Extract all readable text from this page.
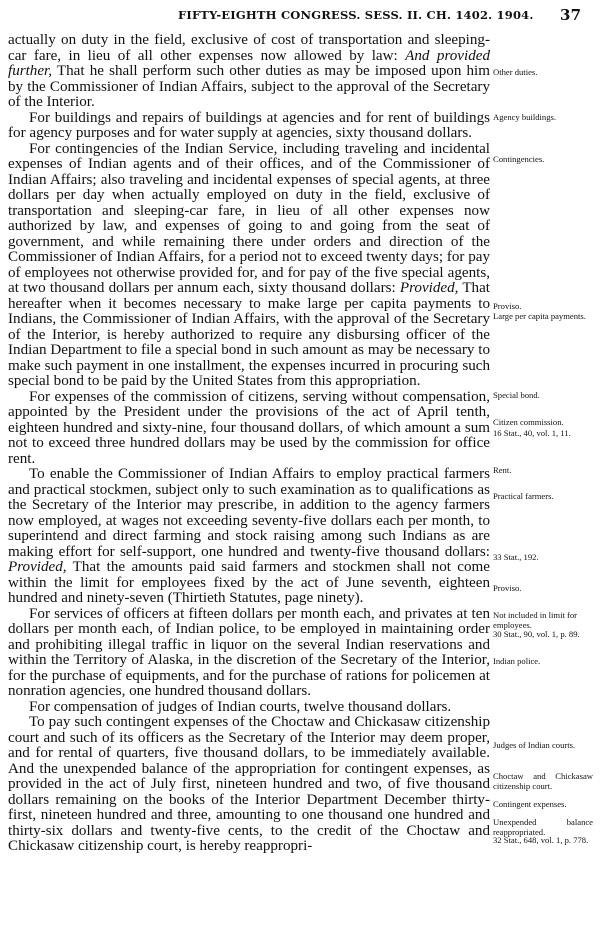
FIFTY-EIGHTH CONGRESS. SESS. II. CH. 1402. 1904. 37

actually on duty in the field, exclusive of cost of transportation and sleeping-car fare, in lieu of all other expenses now allowed by law: And provided further, That he shall perform such other duties as may be imposed upon him by the Commissioner of Indian Affairs, subject to the approval of the Secretary of the Interior.

For buildings and repairs of buildings at agencies and for rent of buildings for agency purposes and for water supply at agencies, sixty thousand dollars.

For contingencies of the Indian Service, including traveling and incidental expenses of Indian agents and of their offices, and of the Commissioner of Indian Affairs; also traveling and incidental expenses of special agents, at three dollars per day when actually employed on duty in the field, exclusive of transportation and sleeping-car fare, in lieu of all other expenses now authorized by law, and expenses of going to and going from the seat of government, and while remaining there under orders and direction of the Commissioner of Indian Affairs, for a period not to exceed twenty days; for pay of employees not otherwise provided for, and for pay of the five special agents, at two thousand dollars per annum each, sixty thousand dollars: Provided, That hereafter when it becomes necessary to make large per capita payments to Indians, the Commissioner of Indian Affairs, with the approval of the Secretary of the Interior, is hereby authorized to require any disbursing officer of the Indian Department to file a special bond in such amount as may be necessary to make such payment in one installment, the expenses incurred in procuring such special bond to be paid by the United States from this appropriation.

For expenses of the commission of citizens, serving without compensation, appointed by the President under the provisions of the act of April tenth, eighteen hundred and sixty-nine, four thousand dollars, of which amount a sum not to exceed three hundred dollars may be used by the commission for office rent.

To enable the Commissioner of Indian Affairs to employ practical farmers and practical stockmen, subject only to such examination as to qualifications as the Secretary of the Interior may prescribe, in addition to the agency farmers now employed, at wages not exceeding seventy-five dollars each per month, to superintend and direct farming and stock raising among such Indians as are making effort for self-support, one hundred and twenty-five thousand dollars: Provided, That the amounts paid said farmers and stockmen shall not come within the limit for employees fixed by the act of June seventh, eighteen hundred and ninety-seven (Thirtieth Statutes, page ninety).

For services of officers at fifteen dollars per month each, and privates at ten dollars per month each, of Indian police, to be employed in maintaining order and prohibiting illegal traffic in liquor on the several Indian reservations and within the Territory of Alaska, in the discretion of the Secretary of the Interior, for the purchase of equipments, and for the purchase of rations for policemen at nonration agencies, one hundred thousand dollars.

For compensation of judges of Indian courts, twelve thousand dollars.

To pay such contingent expenses of the Choctaw and Chickasaw citizenship court and such of its officers as the Secretary of the Interior may deem proper, and for rental of quarters, five thousand dollars, to be immediately available. And the unexpended balance of the appropriation for contingent expenses, as provided in the act of July first, nineteen hundred and two, of five thousand dollars remaining on the books of the Interior Department December thirty-first, nineteen hundred and three, amounting to one thousand one hundred and thirty-six dollars and twenty-five cents, to the credit of the Choctaw and Chickasaw citizenship court, is hereby reappropri-

Other duties.
Agency buildings.
Contingencies.
Proviso.
Large per capita payments.
Special bond.
Citizen commission.
16 Stat., 40, vol. 1, 11.
Rent.
Practical farmers.
33 Stat., 192.
Proviso.
Not included in limit for employees.
30 Stat., 90, vol. 1, p. 89.
Indian police.
Judges of Indian courts.
Choctaw and Chickasaw citizenship court.
Contingent expenses.
Unexpended balance reappropriated.
32 Stat., 648, vol. 1, p. 778.
